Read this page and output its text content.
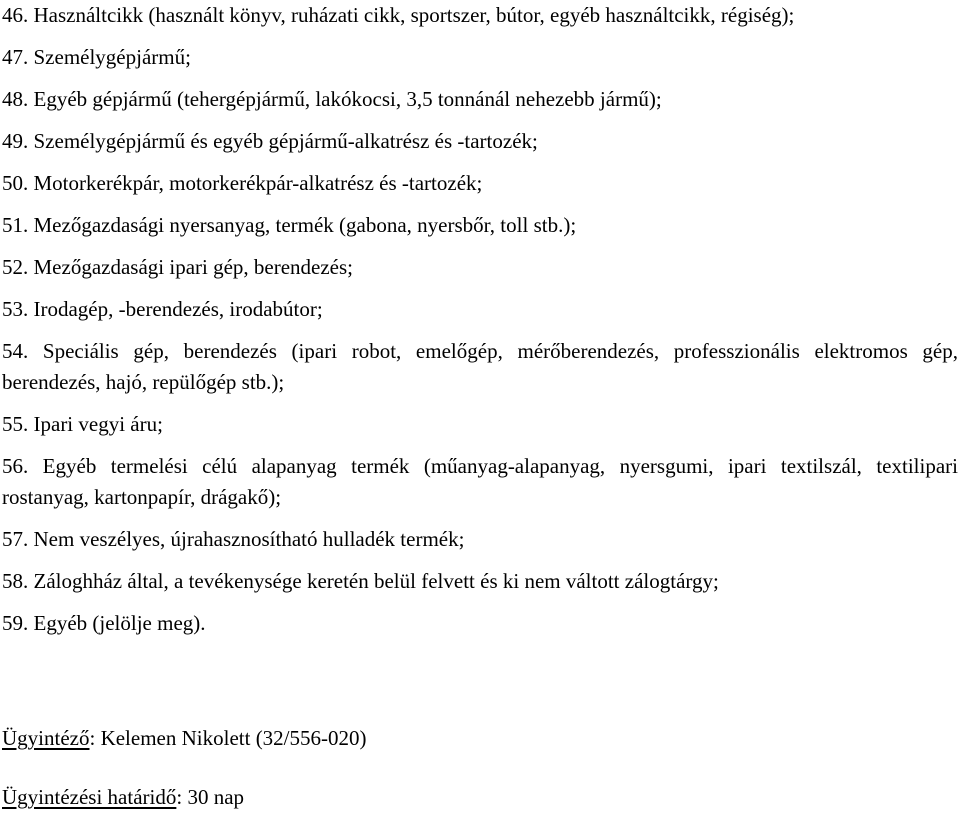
46. Használtcikk (használt könyv, ruházati cikk, sportszer, bútor, egyéb használtcikk, régiség);
47. Személygépjármű;
48. Egyéb gépjármű (tehergépjármű, lakókocsi, 3,5 tonnánál nehezebb jármű);
49. Személygépjármű és egyéb gépjármű-alkatrész és -tartozék;
50. Motorkerékpár, motorkerékpár-alkatrész és -tartozék;
51. Mezőgazdasági nyersanyag, termék (gabona, nyersbőr, toll stb.);
52. Mezőgazdasági ipari gép, berendezés;
53. Irodagép, -berendezés, irodabútor;
54. Speciális gép, berendezés (ipari robot, emelőgép, mérőberendezés, professzionális elektromos gép, berendezés, hajó, repülőgép stb.);
55. Ipari vegyi áru;
56. Egyéb termelési célú alapanyag termék (műanyag-alapanyag, nyersgumi, ipari textilszál, textilipari rostanyag, kartonpapír, drágakő);
57. Nem veszélyes, újrahasznosítható hulladék termék;
58. Záloghház által, a tevékenysége keretén belül felvett és ki nem váltott zálogtárgy;
59. Egyéb (jelölje meg).
Ügyintéző: Kelemen Nikolett (32/556-020)
Ügyintézési határidő: 30 nap
